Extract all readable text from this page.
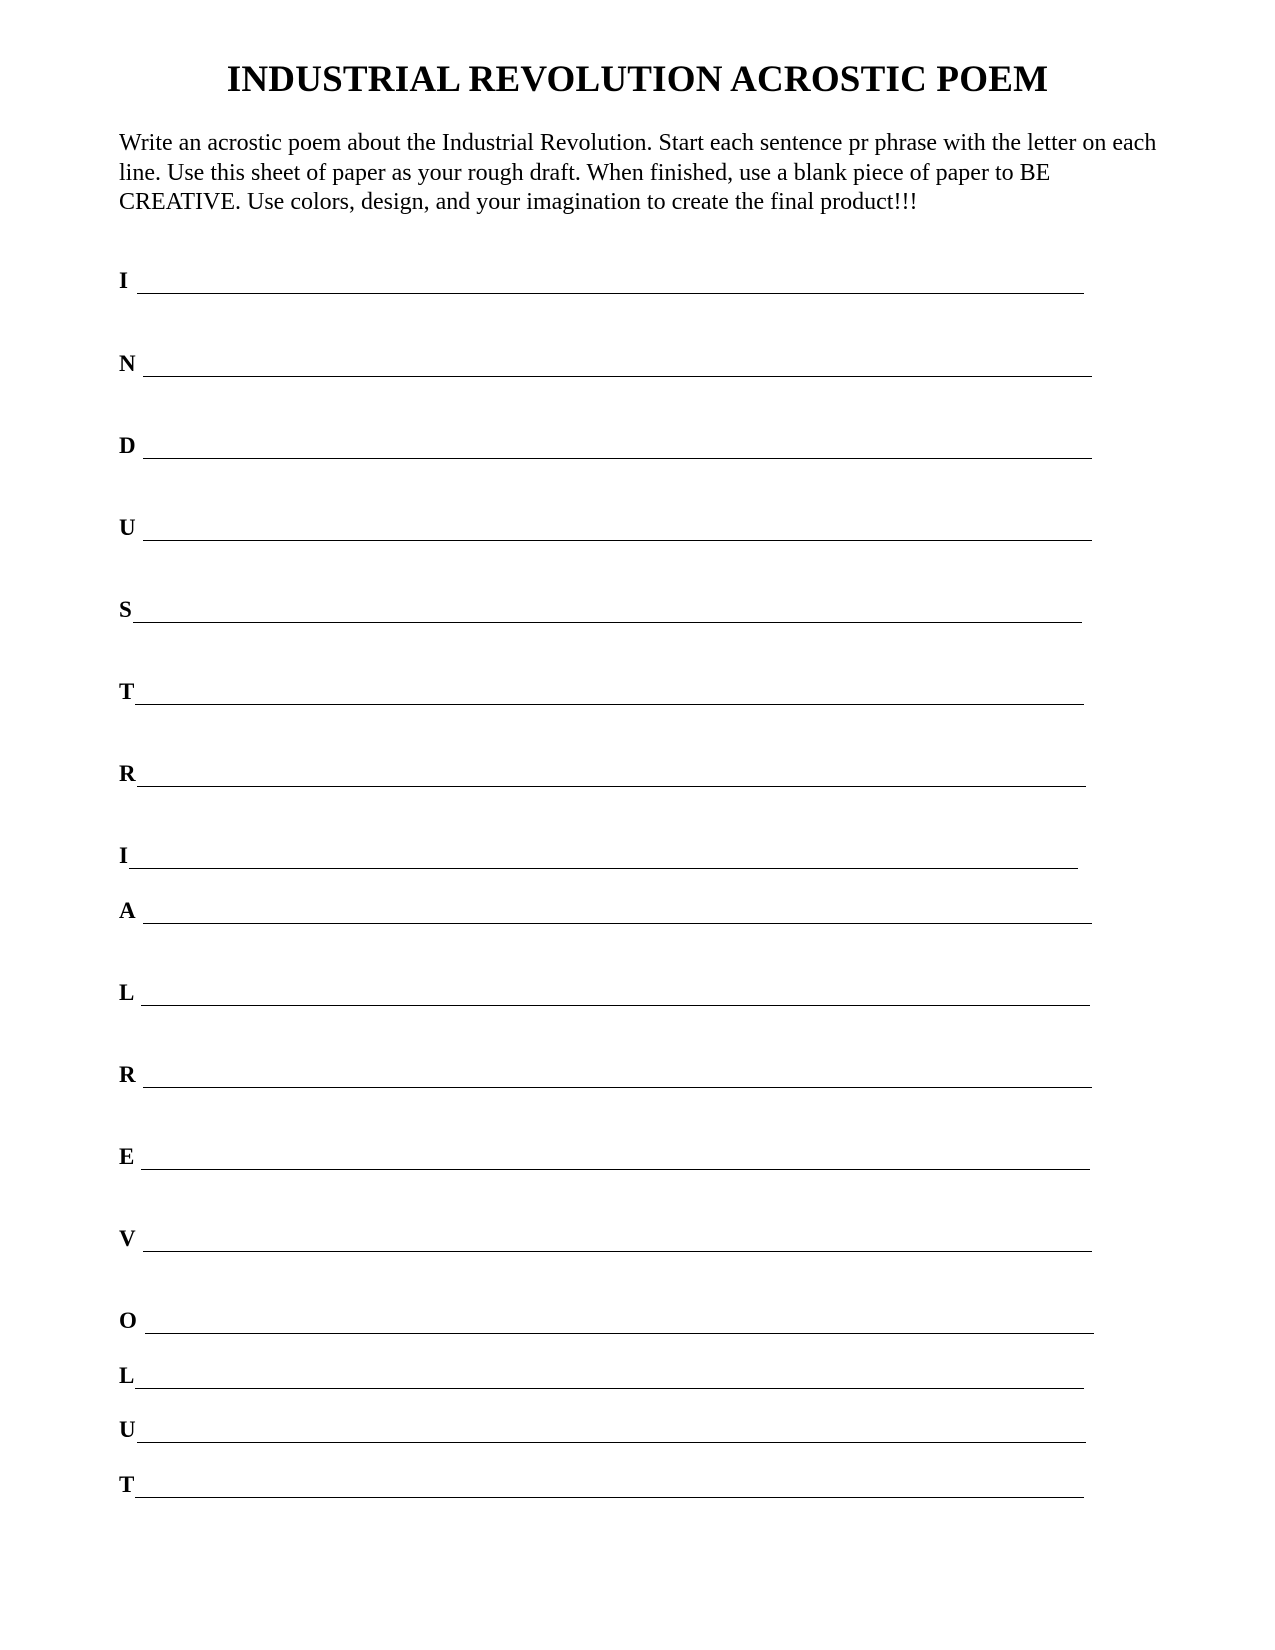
INDUSTRIAL REVOLUTION ACROSTIC POEM

Write an acrostic poem about the Industrial Revolution. Start each sentence pr phrase with the letter on each line. Use this sheet of paper as your rough draft. When finished, use a blank piece of paper to BE CREATIVE. Use colors, design, and your imagination to create the final product!!!

I
N
D
U
S
T
R
I
A
L
R
E
V
O
L
U
T
